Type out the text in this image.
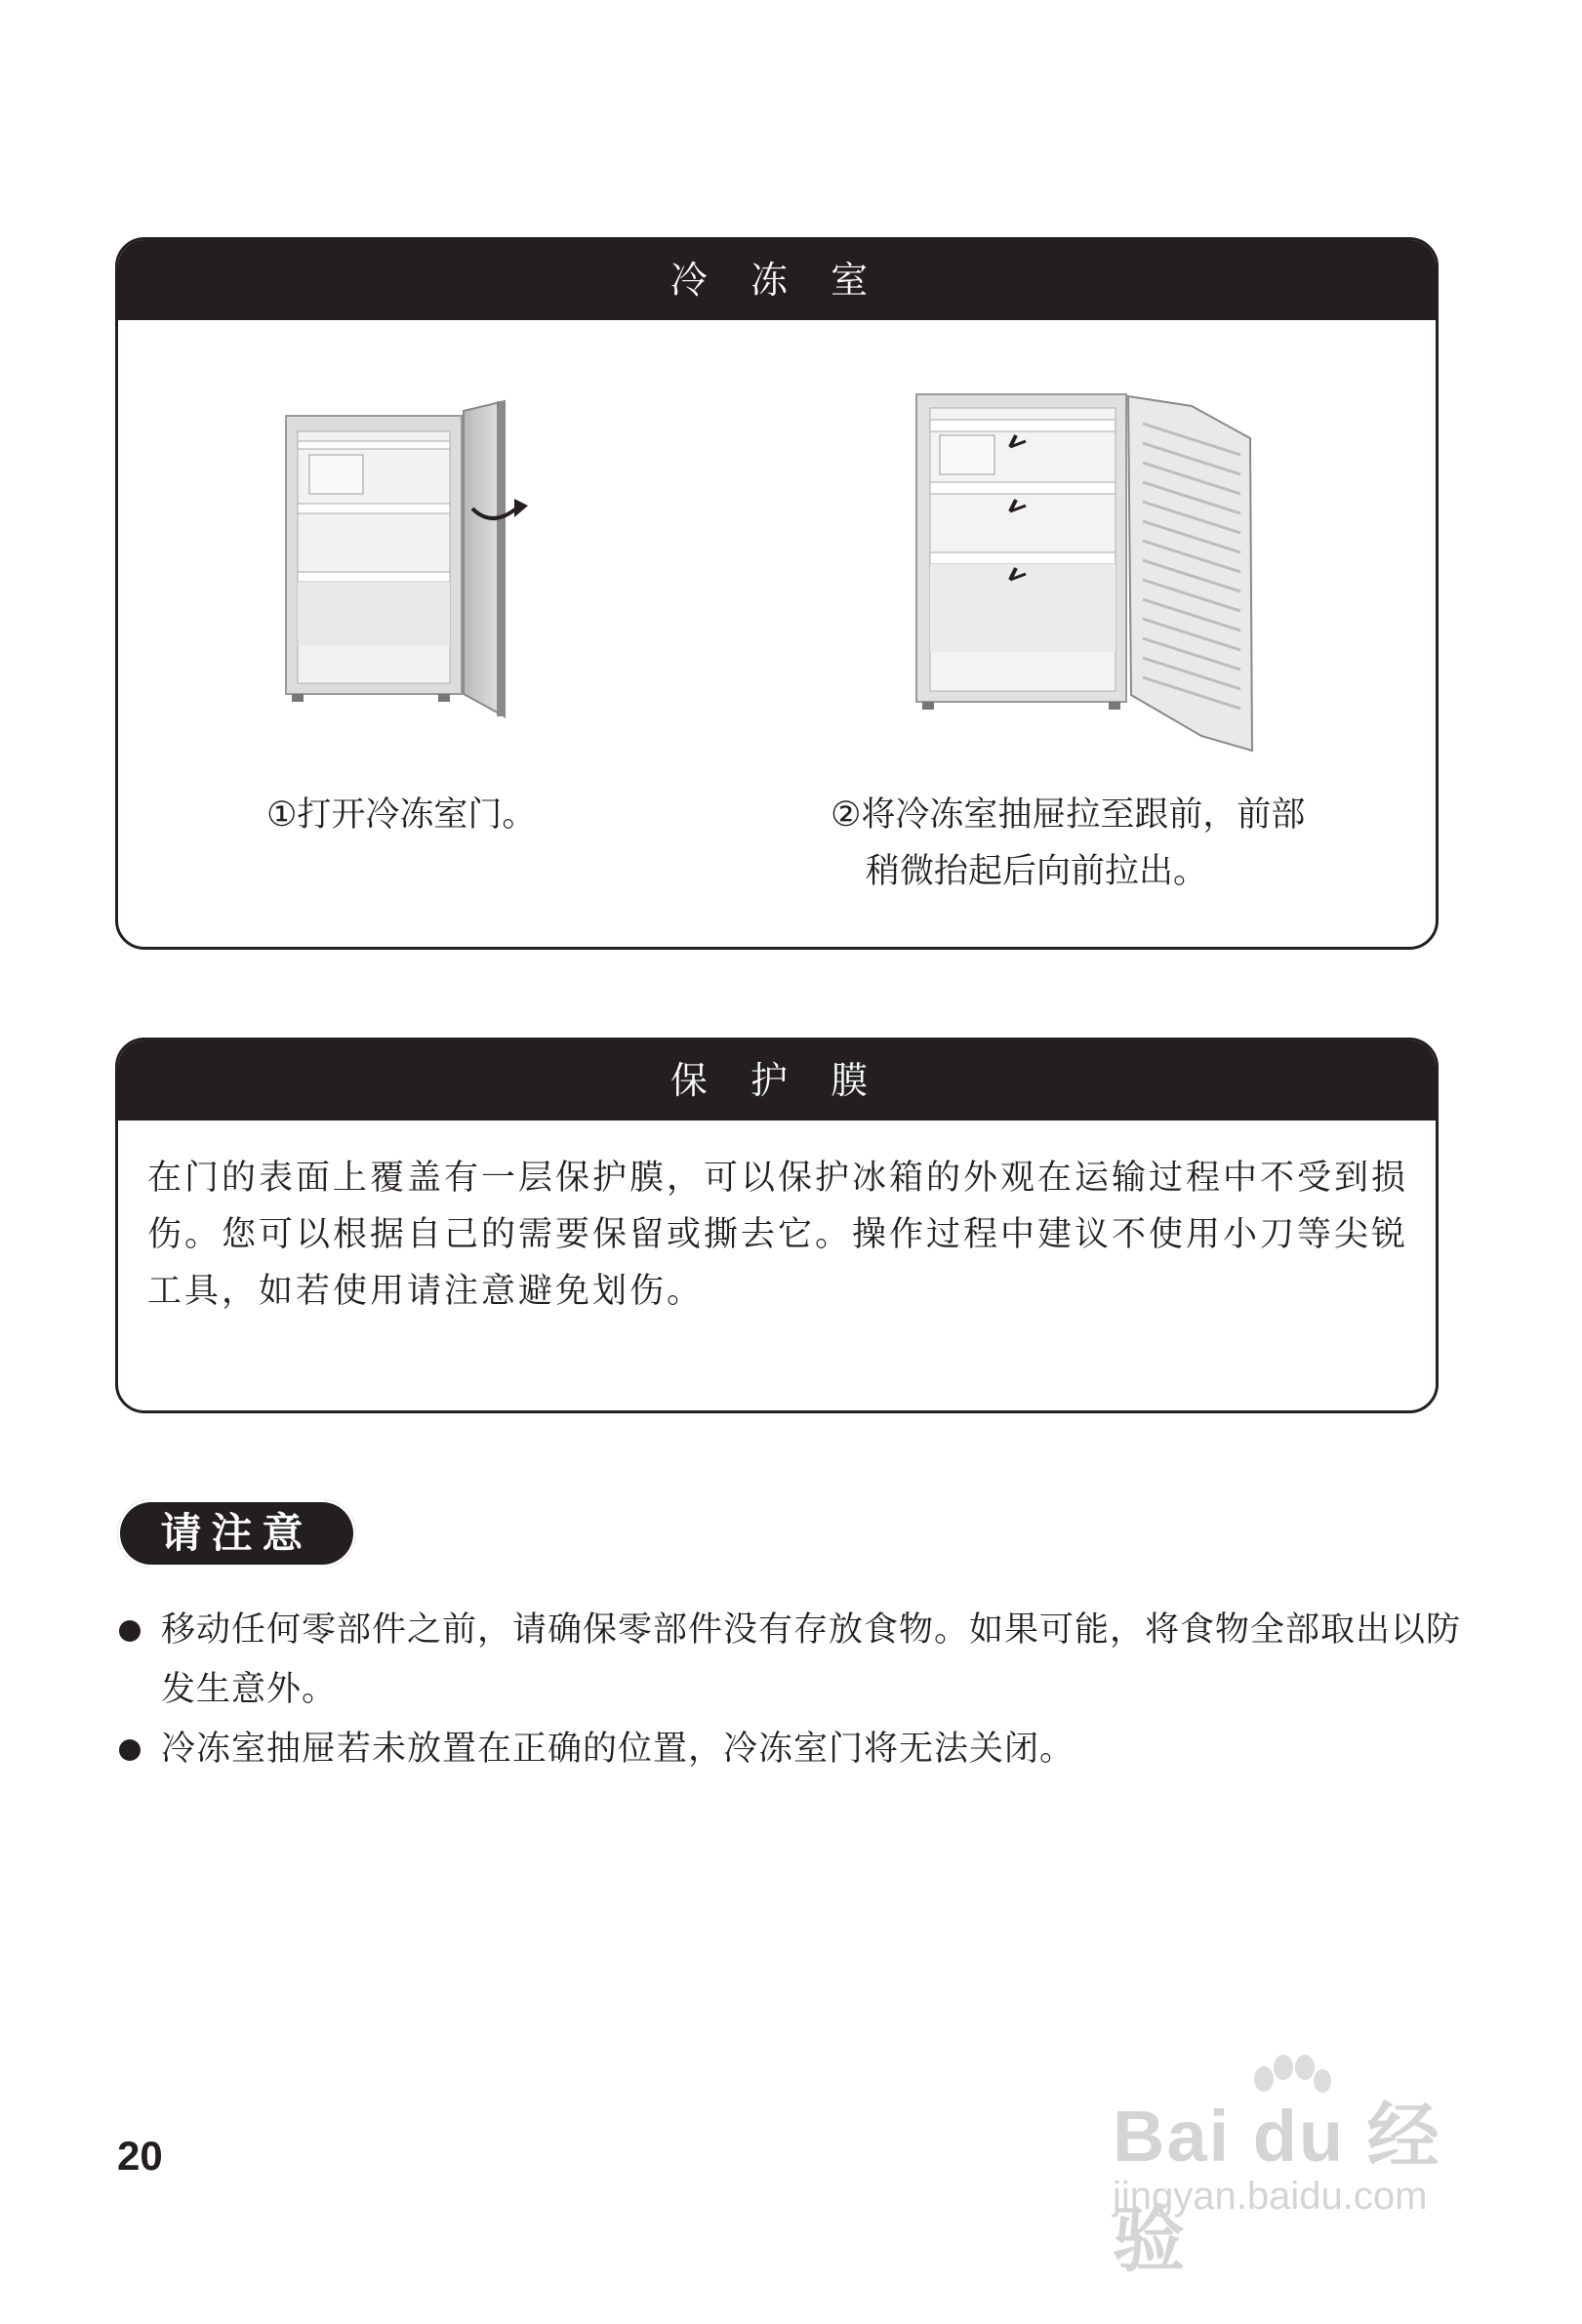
冷 冻 室
①打开冷冻室门。	②将冷冻室抽屉拉至跟前，前部
稍微抬起后向前拉出。
保 护 膜
在门的表面上覆盖有一层保护膜，可以保护冰箱的外观在运输过程中不受到损伤。您可以根据自己的需要保留或撕去它。操作过程中建议不使用小刀等尖锐工具，如若使用请注意避免划伤。
请注意
移动任何零部件之前，请确保零部件没有存放食物。如果可能，将食物全部取出以防发生意外。
冷冻室抽屉若未放置在正确的位置，冷冻室门将无法关闭。
20	Bai du 经验
jingyan.baidu.com
